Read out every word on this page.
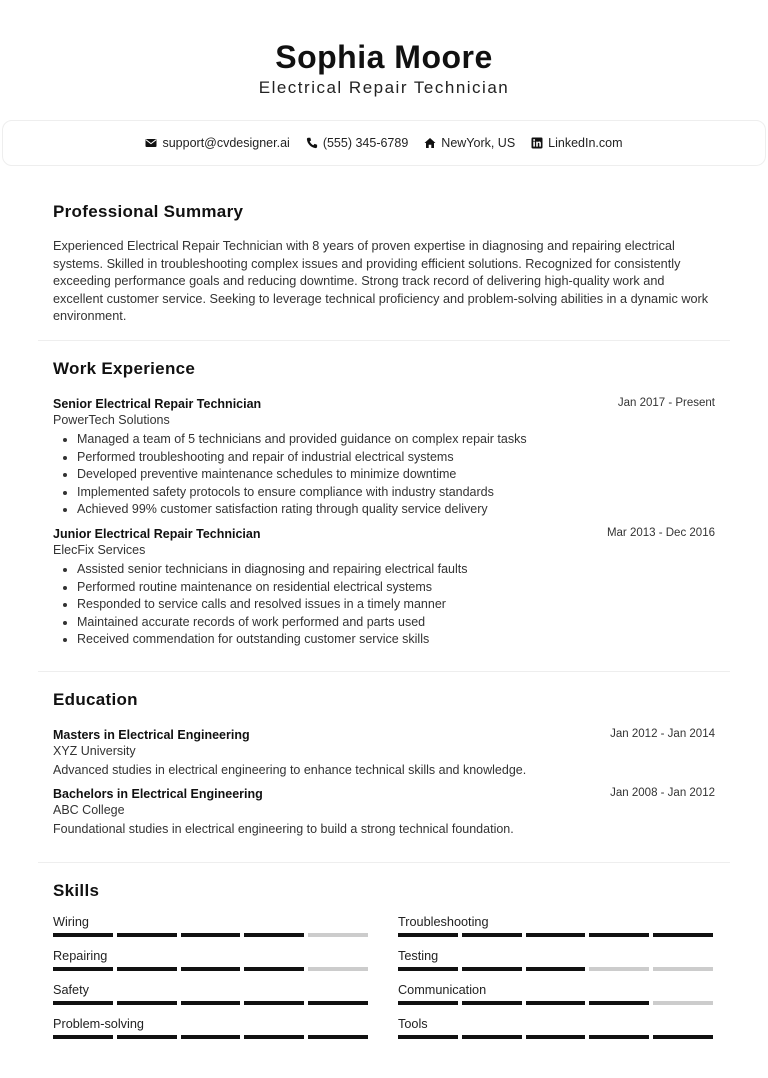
Sophia Moore
Electrical Repair Technician
support@cvdesigner.ai	(555) 345-6789	NewYork, US	LinkedIn.com
Professional Summary
Experienced Electrical Repair Technician with 8 years of proven expertise in diagnosing and repairing electrical systems. Skilled in troubleshooting complex issues and providing efficient solutions. Recognized for consistently exceeding performance goals and reducing downtime. Strong track record of delivering high-quality work and excellent customer service. Seeking to leverage technical proficiency and problem-solving abilities in a dynamic work environment.
Work Experience
Senior Electrical Repair Technician	Jan 2017 - Present
PowerTech Solutions
• Managed a team of 5 technicians and provided guidance on complex repair tasks
• Performed troubleshooting and repair of industrial electrical systems
• Developed preventive maintenance schedules to minimize downtime
• Implemented safety protocols to ensure compliance with industry standards
• Achieved 99% customer satisfaction rating through quality service delivery
Junior Electrical Repair Technician	Mar 2013 - Dec 2016
ElecFix Services
• Assisted senior technicians in diagnosing and repairing electrical faults
• Performed routine maintenance on residential electrical systems
• Responded to service calls and resolved issues in a timely manner
• Maintained accurate records of work performed and parts used
• Received commendation for outstanding customer service skills
Education
Masters in Electrical Engineering	Jan 2012 - Jan 2014
XYZ University
Advanced studies in electrical engineering to enhance technical skills and knowledge.
Bachelors in Electrical Engineering	Jan 2008 - Jan 2012
ABC College
Foundational studies in electrical engineering to build a strong technical foundation.
Skills
Wiring	Troubleshooting
Repairing	Testing
Safety	Communication
Problem-solving	Tools
